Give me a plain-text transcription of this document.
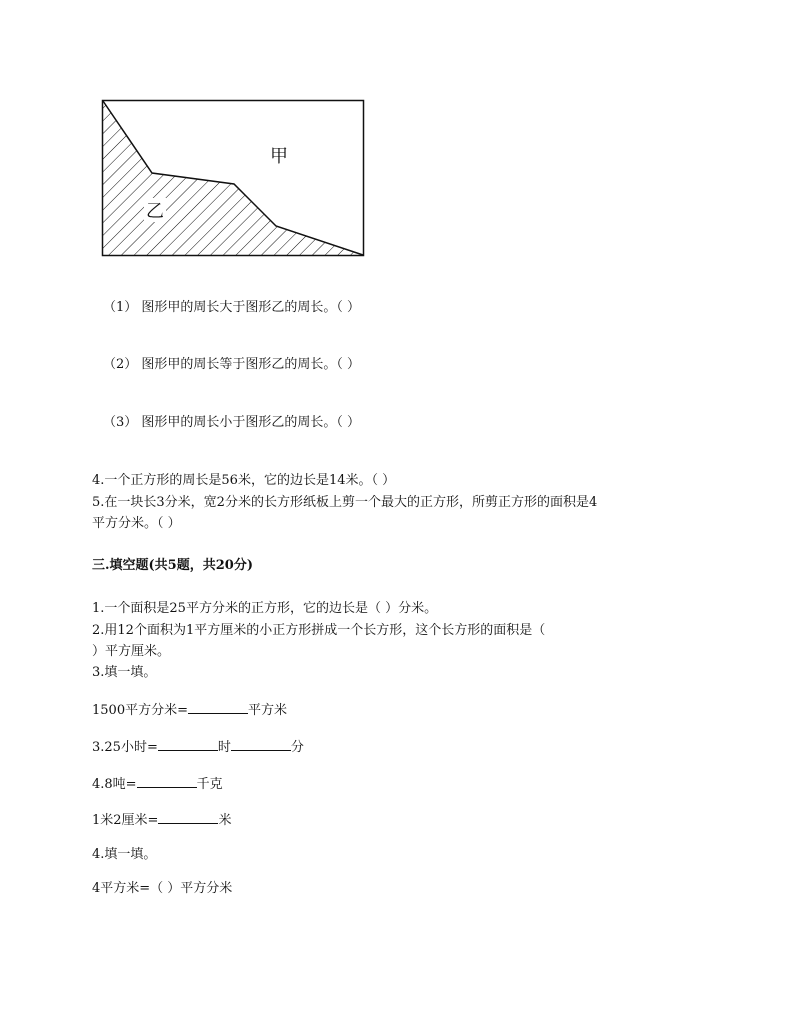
甲
乙
（1） 图形甲的周长大于图形乙的周长。（ ）
（2） 图形甲的周长等于图形乙的周长。（ ）
（3） 图形甲的周长小于图形乙的周长。（ ）
4.一个正方形的周长是56米，它的边长是14米。（ ）
5.在一块长3分米，宽2分米的长方形纸板上剪一个最大的正方形，所剪正方形的面积是4
平方分米。（ ）
三.填空题(共5题，共20分)
1.一个面积是25平方分米的正方形，它的边长是（ ）分米。
2.用12个面积为1平方厘米的小正方形拼成一个长方形，这个长方形的面积是（
）平方厘米。
3.填一填。
1500平方分米=	平方米
3.25小时=	时	分
4.8吨=	千克
1米2厘米=	米
4.填一填。
4平方米=（ ）平方分米
